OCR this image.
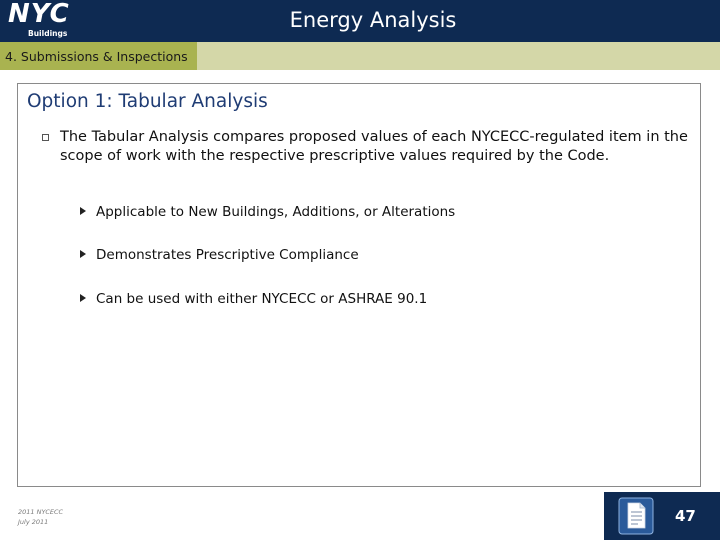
NYC
Buildings
Energy Analysis
4. Submissions & Inspections
Option 1: Tabular Analysis
The Tabular Analysis compares proposed values of each NYCECC-regulated item in the scope of work with the respective prescriptive values required by the Code.
Applicable to New Buildings, Additions, or Alterations
Demonstrates Prescriptive Compliance
Can be used with either NYCECC or ASHRAE 90.1
2011 NYCECC
July 2011	47
